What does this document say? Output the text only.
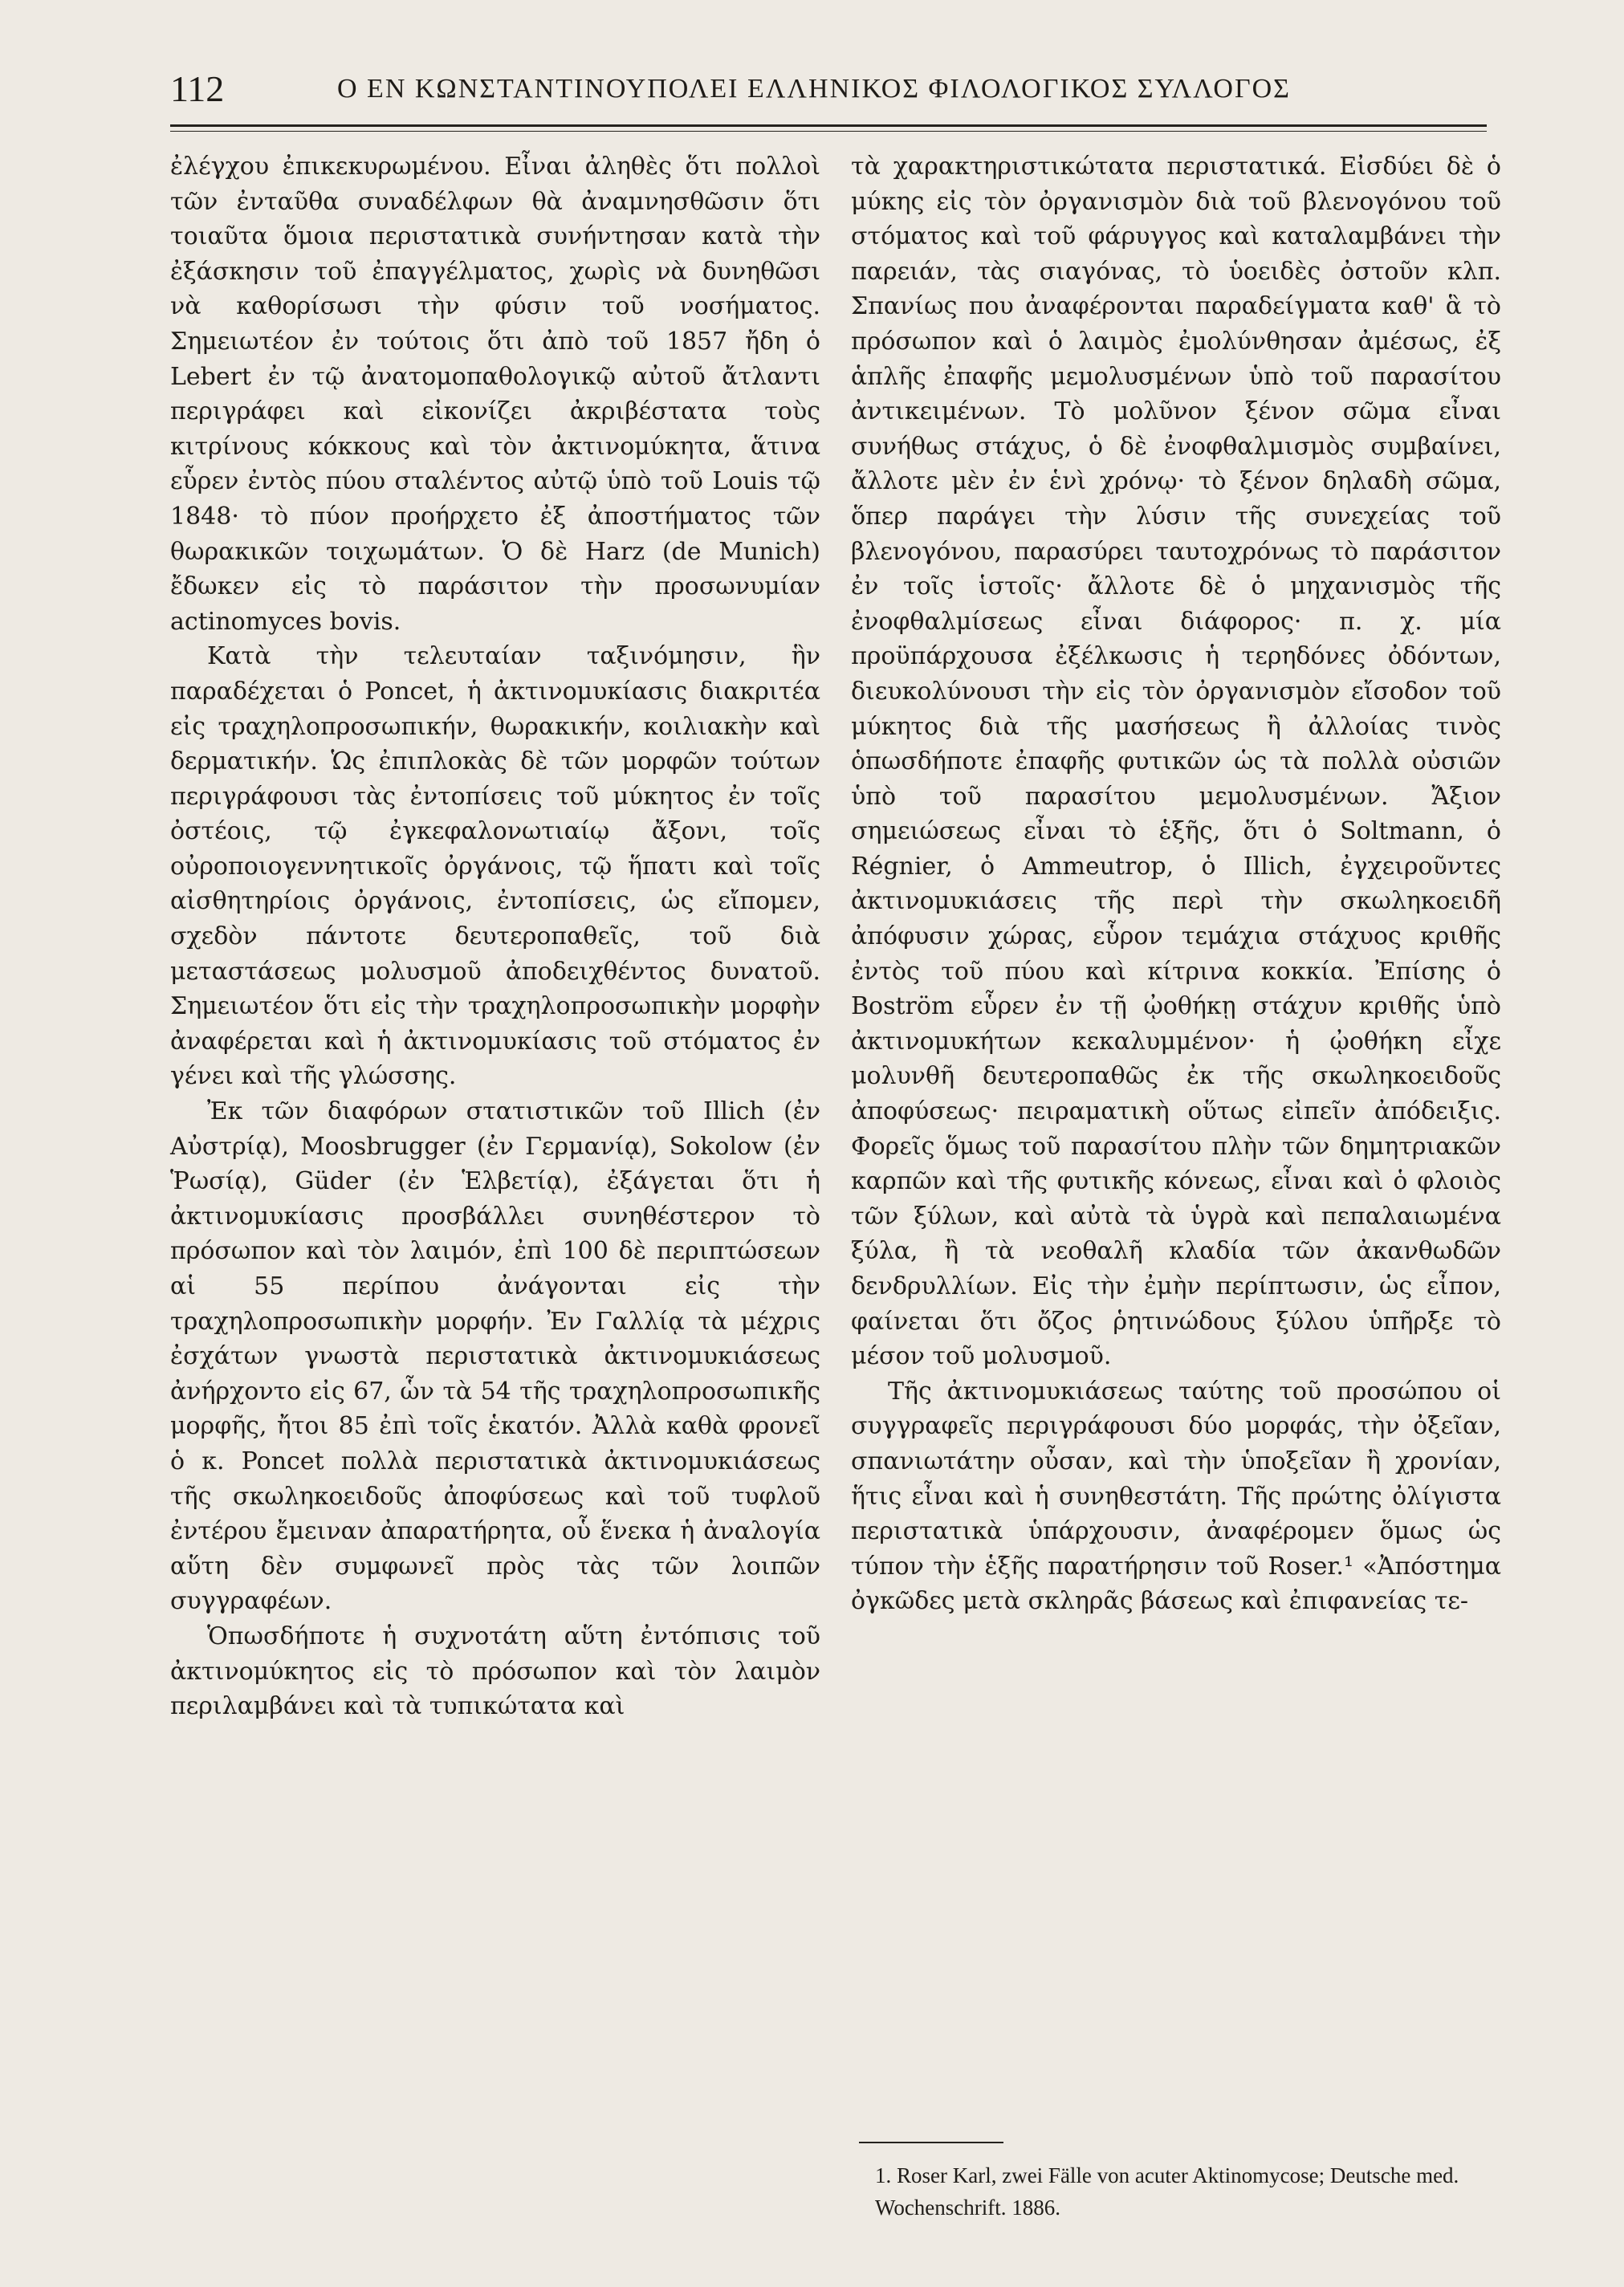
112	Ο ΕΝ ΚΩΝΣΤΑΝΤΙΝΟΥΠΟΛΕΙ ΕΛΛΗΝΙΚΟΣ ΦΙΛΟΛΟΓΙΚΟΣ ΣΥΛΛΟΓΟΣ

ἐλέγχου ἐπικεκυρωμένου. Εἶναι ἀληθὲς ὅτι πολλοὶ τῶν ἐνταῦθα συναδέλφων θὰ ἀναμνησθῶσιν ὅτι τοιαῦτα ὅμοια περιστατικὰ συνήντησαν κατὰ τὴν ἐξάσκησιν τοῦ ἐπαγγέλματος, χωρὶς νὰ δυνηθῶσι νὰ καθορίσωσι τὴν φύσιν τοῦ νοσήματος. Σημειωτέον ἐν τούτοις ὅτι ἀπὸ τοῦ 1857 ἤδη ὁ Lebert ἐν τῷ ἀνατομοπαθολογικῷ αὐτοῦ ἄτλαντι περιγράφει καὶ εἰκονίζει ἀκριβέστατα τοὺς κιτρίνους κόκκους καὶ τὸν ἀκτινομύκητα, ἅτινα εὗρεν ἐντὸς πύου σταλέντος αὐτῷ ὑπὸ τοῦ Louis τῷ 1848· τὸ πύον προήρχετο ἐξ ἀποστήματος τῶν θωρακικῶν τοιχωμάτων. Ὁ δὲ Harz (de Munich) ἔδωκεν εἰς τὸ παράσιτον τὴν προσωνυμίαν actinomyces bovis.

Κατὰ τὴν τελευταίαν ταξινόμησιν, ἣν παραδέχεται ὁ Poncet, ἡ ἀκτινομυκίασις διακριτέα εἰς τραχηλοπροσωπικήν, θωρακικήν, κοιλιακὴν καὶ δερματικήν. Ὡς ἐπιπλοκὰς δὲ τῶν μορφῶν τούτων περιγράφουσι τὰς ἐντοπίσεις τοῦ μύκητος ἐν τοῖς ὀστέοις, τῷ ἐγκεφαλονωτιαίῳ ἄξονι, τοῖς οὐροποιογεννητικοῖς ὀργάνοις, τῷ ἥπατι καὶ τοῖς αἰσθητηρίοις ὀργάνοις, ἐντοπίσεις, ὡς εἴπομεν, σχεδὸν πάντοτε δευτεροπαθεῖς, τοῦ διὰ μεταστάσεως μολυσμοῦ ἀποδειχθέντος δυνατοῦ. Σημειωτέον ὅτι εἰς τὴν τραχηλοπροσωπικὴν μορφὴν ἀναφέρεται καὶ ἡ ἀκτινομυκίασις τοῦ στόματος ἐν γένει καὶ τῆς γλώσσης.

Ἐκ τῶν διαφόρων στατιστικῶν τοῦ Illich (ἐν Αὐστρίᾳ), Moosbrugger (ἐν Γερμανίᾳ), Sokolow (ἐν Ῥωσίᾳ), Güder (ἐν Ἑλβετίᾳ), ἐξάγεται ὅτι ἡ ἀκτινομυκίασις προσβάλλει συνηθέστερον τὸ πρόσωπον καὶ τὸν λαιμόν, ἐπὶ 100 δὲ περιπτώσεων αἱ 55 περίπου ἀνάγονται εἰς τὴν τραχηλοπροσωπικὴν μορφήν. Ἐν Γαλλίᾳ τὰ μέχρις ἐσχάτων γνωστὰ περιστατικὰ ἀκτινομυκιάσεως ἀνήρχοντο εἰς 67, ὧν τὰ 54 τῆς τραχηλοπροσωπικῆς μορφῆς, ἤτοι 85 ἐπὶ τοῖς ἑκατόν. Ἀλλὰ καθὰ φρονεῖ ὁ κ. Poncet πολλὰ περιστατικὰ ἀκτινομυκιάσεως τῆς σκωληκοειδοῦς ἀποφύσεως καὶ τοῦ τυφλοῦ ἐντέρου ἔμειναν ἀπαρατήρητα, οὗ ἕνεκα ἡ ἀναλογία αὕτη δὲν συμφωνεῖ πρὸς τὰς τῶν λοιπῶν συγγραφέων.

Ὁπωσδήποτε ἡ συχνοτάτη αὕτη ἐντόπισις τοῦ ἀκτινομύκητος εἰς τὸ πρόσωπον καὶ τὸν λαιμὸν περιλαμβάνει καὶ τὰ τυπικώτατα καὶ

τὰ χαρακτηριστικώτατα περιστατικά. Εἰσδύει δὲ ὁ μύκης εἰς τὸν ὀργανισμὸν διὰ τοῦ βλενογόνου τοῦ στόματος καὶ τοῦ φάρυγγος καὶ καταλαμβάνει τὴν παρειάν, τὰς σιαγόνας, τὸ ὑοειδὲς ὀστοῦν κλπ. Σπανίως που ἀναφέρονται παραδείγματα καθ' ἃ τὸ πρόσωπον καὶ ὁ λαιμὸς ἐμολύνθησαν ἀμέσως, ἐξ ἁπλῆς ἐπαφῆς μεμολυσμένων ὑπὸ τοῦ παρασίτου ἀντικειμένων. Τὸ μολῦνον ξένον σῶμα εἶναι συνήθως στάχυς, ὁ δὲ ἐνοφθαλμισμὸς συμβαίνει, ἄλλοτε μὲν ἐν ἑνὶ χρόνῳ· τὸ ξένον δηλαδὴ σῶμα, ὅπερ παράγει τὴν λύσιν τῆς συνεχείας τοῦ βλενογόνου, παρασύρει ταυτοχρόνως τὸ παράσιτον ἐν τοῖς ἱστοῖς· ἄλλοτε δὲ ὁ μηχανισμὸς τῆς ἐνοφθαλμίσεως εἶναι διάφορος· π. χ. μία προϋπάρχουσα ἐξέλκωσις ἡ τερηδόνες ὀδόντων, διευκολύνουσι τὴν εἰς τὸν ὀργανισμὸν εἴσοδον τοῦ μύκητος διὰ τῆς μασήσεως ἢ ἀλλοίας τινὸς ὁπωσδήποτε ἐπαφῆς φυτικῶν ὡς τὰ πολλὰ οὐσιῶν ὑπὸ τοῦ παρασίτου μεμολυσμένων. Ἄξιον σημειώσεως εἶναι τὸ ἑξῆς, ὅτι ὁ Soltmann, ὁ Régnier, ὁ Ammeutrop, ὁ Illich, ἐγχειροῦντες ἀκτινομυκιάσεις τῆς περὶ τὴν σκωληκοειδῆ ἀπόφυσιν χώρας, εὗρον τεμάχια στάχυος κριθῆς ἐντὸς τοῦ πύου καὶ κίτρινα κοκκία. Ἐπίσης ὁ Boström εὗρεν ἐν τῇ ᾠοθήκῃ στάχυν κριθῆς ὑπὸ ἀκτινομυκήτων κεκαλυμμένον· ἡ ᾠοθήκη εἶχε μολυνθῆ δευτεροπαθῶς ἐκ τῆς σκωληκοειδοῦς ἀποφύσεως· πειραματικὴ οὕτως εἰπεῖν ἀπόδειξις. Φορεῖς ὅμως τοῦ παρασίτου πλὴν τῶν δημητριακῶν καρπῶν καὶ τῆς φυτικῆς κόνεως, εἶναι καὶ ὁ φλοιὸς τῶν ξύλων, καὶ αὐτὰ τὰ ὑγρὰ καὶ πεπαλαιωμένα ξύλα, ἢ τὰ νεοθαλῆ κλαδία τῶν ἀκανθωδῶν δενδρυλλίων. Εἰς τὴν ἐμὴν περίπτωσιν, ὡς εἶπον, φαίνεται ὅτι ὄζος ῥητινώδους ξύλου ὑπῆρξε τὸ μέσον τοῦ μολυσμοῦ.

Τῆς ἀκτινομυκιάσεως ταύτης τοῦ προσώπου οἱ συγγραφεῖς περιγράφουσι δύο μορφάς, τὴν ὀξεῖαν, σπανιωτάτην οὖσαν, καὶ τὴν ὑποξεῖαν ἢ χρονίαν, ἥτις εἶναι καὶ ἡ συνηθεστάτη. Τῆς πρώτης ὀλίγιστα περιστατικὰ ὑπάρχουσιν, ἀναφέρομεν ὅμως ὡς τύπον τὴν ἑξῆς παρατήρησιν τοῦ Roser.¹ «Ἀπόστημα ὀγκῶδες μετὰ σκληρᾶς βάσεως καὶ ἐπιφανείας τε-

1. Roser Karl, zwei Fälle von acuter Aktinomycose; Deutsche med. Wochenschrift. 1886.
